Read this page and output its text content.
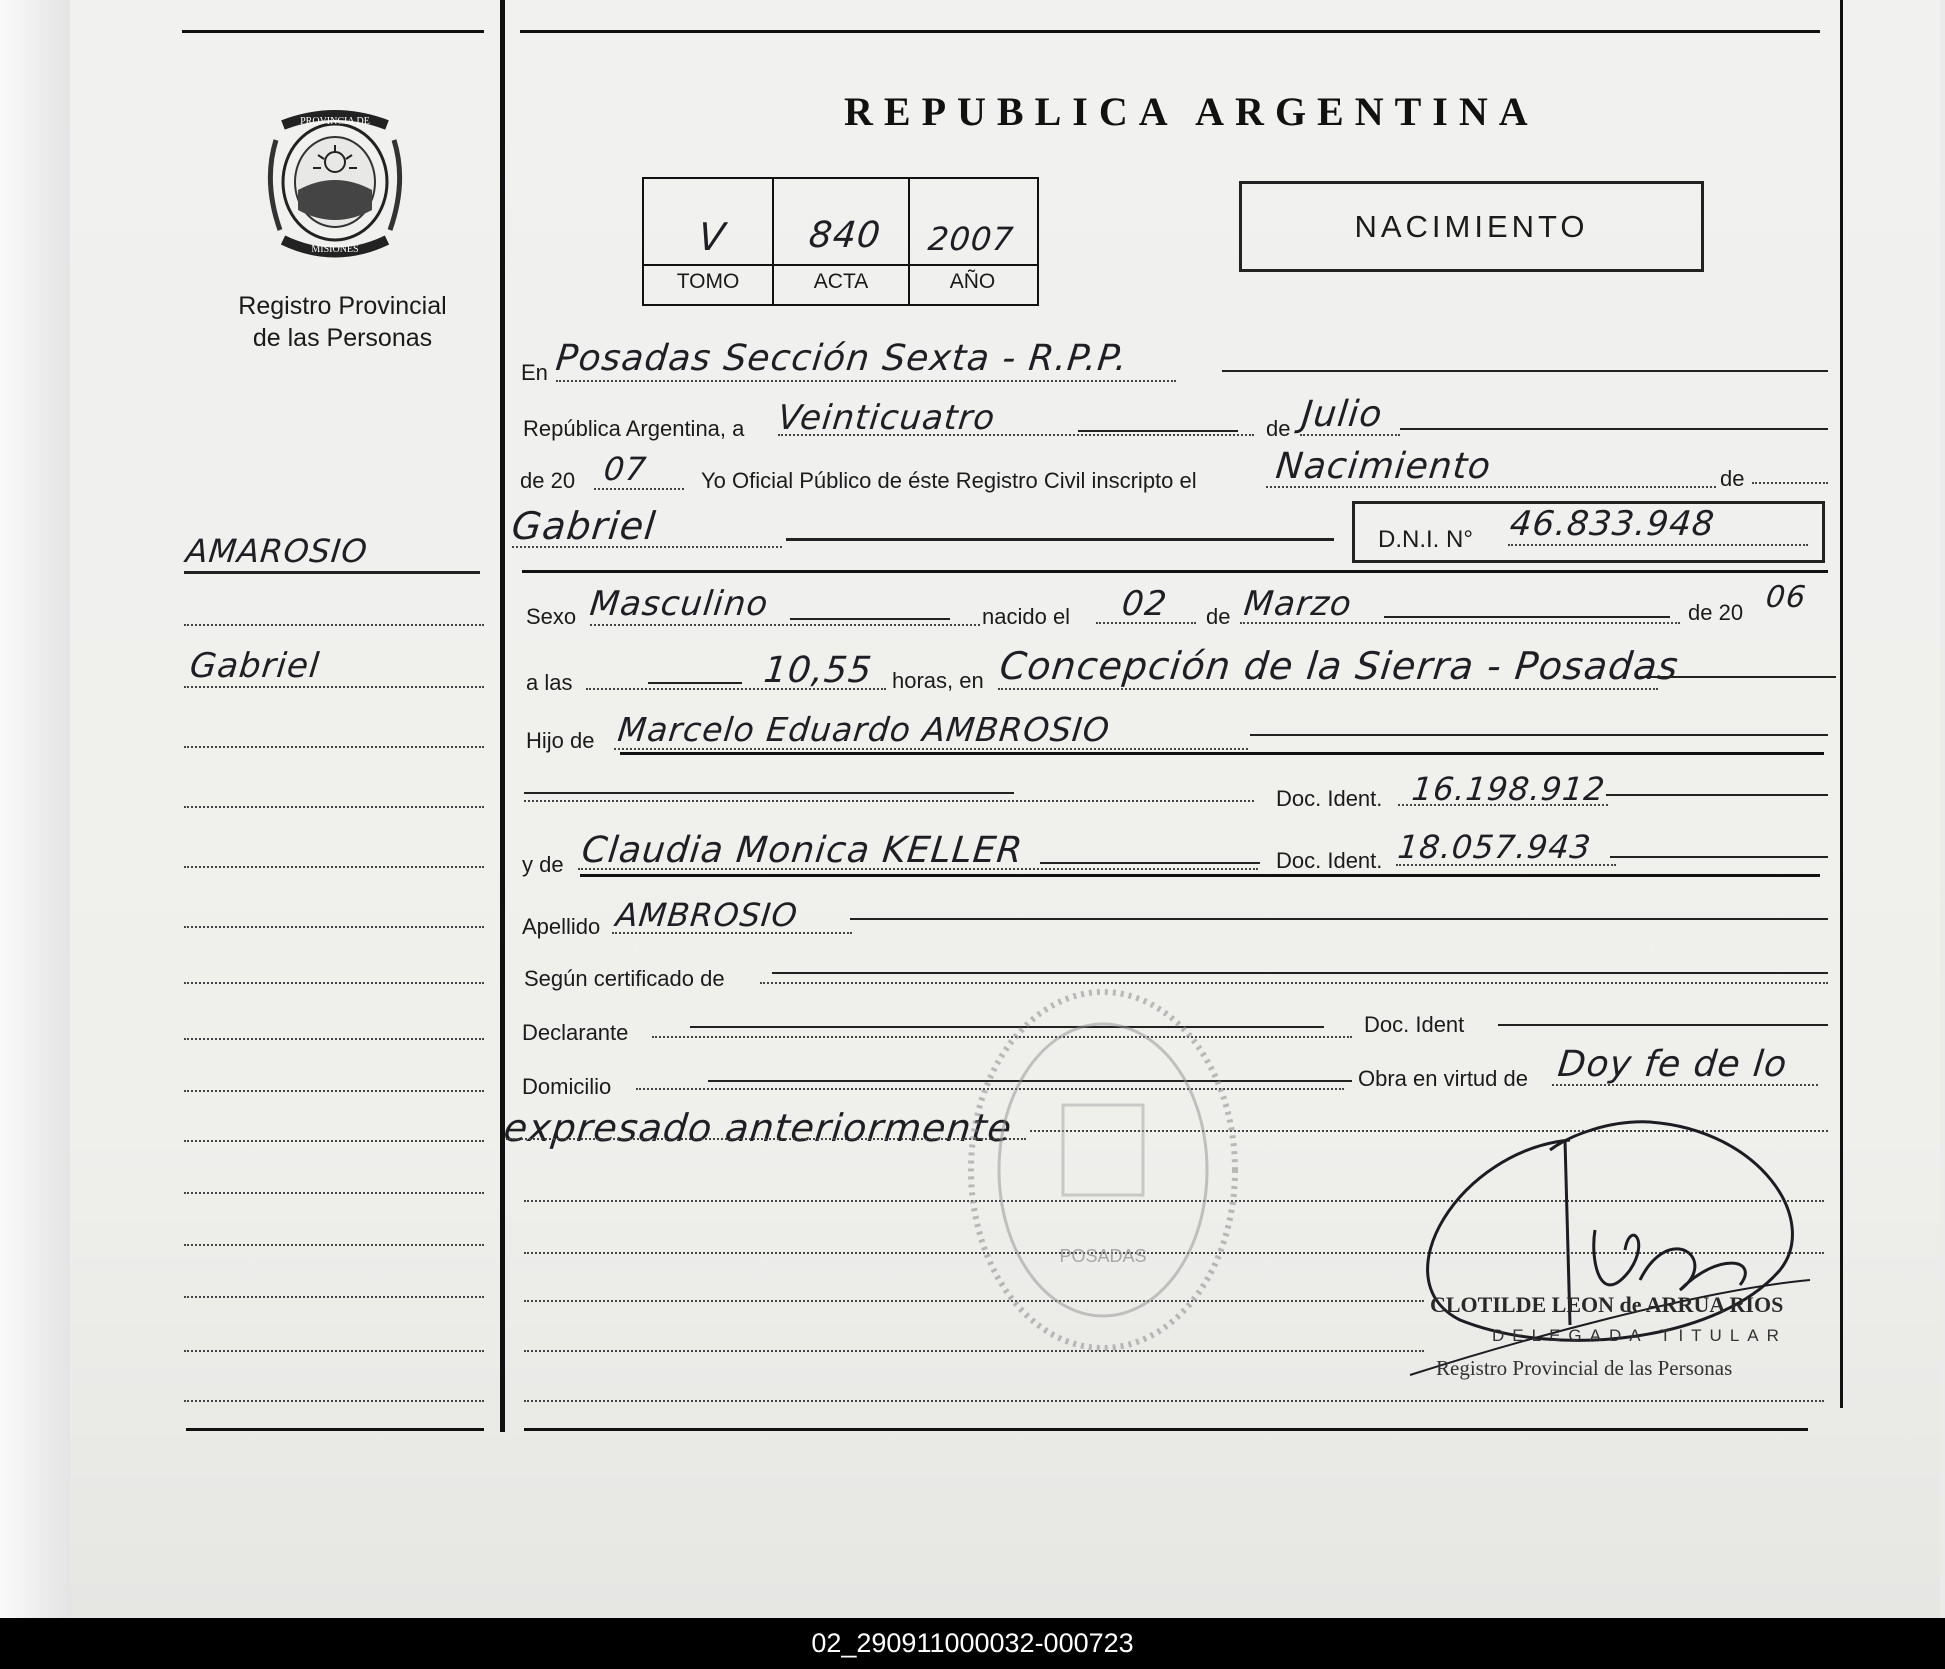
PROVINCIA DE
MISIONES
Registro Provincial
de las Personas
AMAROSIO
Gabriel
REPUBLICA ARGENTINA
V	840	2007
TOMO	ACTA	AÑO
NACIMIENTO
En Posadas Sección Sexta - R.P.P.
República Argentina, a Veinticuatro	de Julio
de 20 07 Yo Oficial Público de éste Registro Civil inscripto el Nacimiento	de
Gabriel	D.N.I. N° 46.833.948
Sexo Masculino	nacido el 02 de Marzo	de 20 06
a las	10,55 horas, en Concepción de la Sierra - Posadas
Hijo de Marcelo Eduardo AMBROSIO
Doc. Ident. 16.198.912
y de Claudia Monica KELLER	Doc. Ident. 18.057.943
Apellido AMBROSIO
Según certificado de
Declarante	Doc. Ident
Domicilio	Obra en virtud de Doy fe de lo
expresado anteriormente
POSADAS
CLOTILDE LEON de ARRUA RIOS
DELEGADA TITULAR
Registro Provincial de las Personas
02_290911000032-000723
